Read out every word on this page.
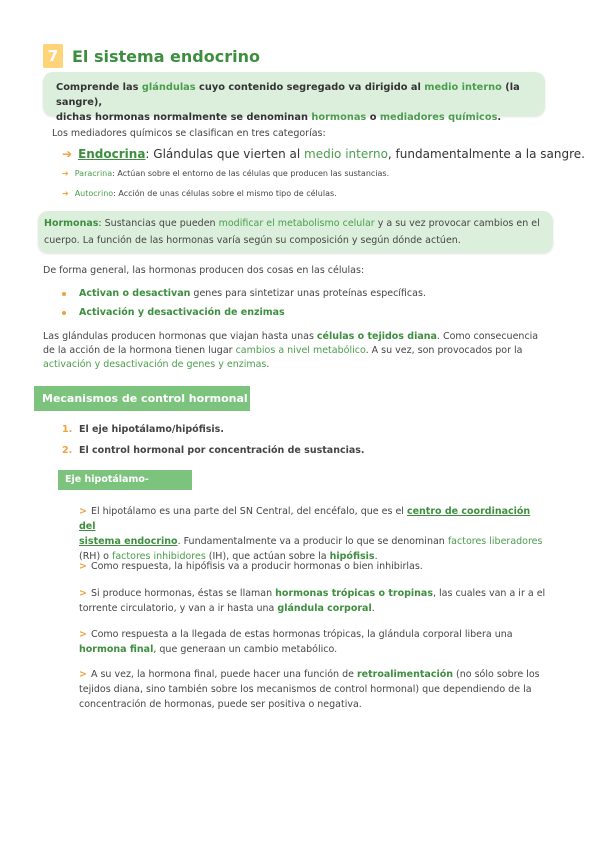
7 El sistema endocrino

Comprende las glándulas cuyo contenido segregado va dirigido al medio interno (la sangre),
dichas hormonas normalmente se denominan hormonas o mediadores químicos.

Los mediadores químicos se clasifican en tres categorías:

➔ Endocrina: Glándulas que vierten al medio interno, fundamentalmente a la sangre.
➔ Paracrina: Actúan sobre el entorno de las células que producen las sustancias.
➔ Autocrino: Acción de unas células sobre el mismo tipo de células.

Hormonas: Sustancias que pueden modificar el metabolismo celular y a su vez provocar cambios en el
cuerpo. La función de las hormonas varía según su composición y según dónde actúen.

De forma general, las hormonas producen dos cosas en las células:

Activan o desactivan genes para sintetizar unas proteínas específicas.
Activación y desactivación de enzimas
Las glándulas producen hormonas que viajan hasta unas células o tejidos diana. Como consecuencia
de la acción de la hormona tienen lugar cambios a nivel metabólico. A su vez, son provocados por la
activación y desactivación de genes y enzimas.
Mecanismos de control hormonal
1. El eje hipotálamo/hipófisis.
2. El control hormonal por concentración de sustancias.
Eje hipotálamo-hipófisis
> El hipotálamo es una parte del SN Central, del encéfalo, que es el centro de coordinación del
sistema endocrino. Fundamentalmente va a producir lo que se denominan factores liberadores
(RH) o factores inhibidores (IH), que actúan sobre la hipófisis.
> Como respuesta, la hipófisis va a producir hormonas o bien inhibirlas.
> Si produce hormonas, éstas se llaman hormonas trópicas o tropinas, las cuales van a ir a el
torrente circulatorio, y van a ir hasta una glándula corporal.
> Como respuesta a la llegada de estas hormonas trópicas, la glándula corporal libera una
hormona final, que generaan un cambio metabólico.
> A su vez, la hormona final, puede hacer una función de retroalimentación (no sólo sobre los
tejidos diana, sino también sobre los mecanismos de control hormonal) que dependiendo de la
concentración de hormonas, puede ser positiva o negativa.
